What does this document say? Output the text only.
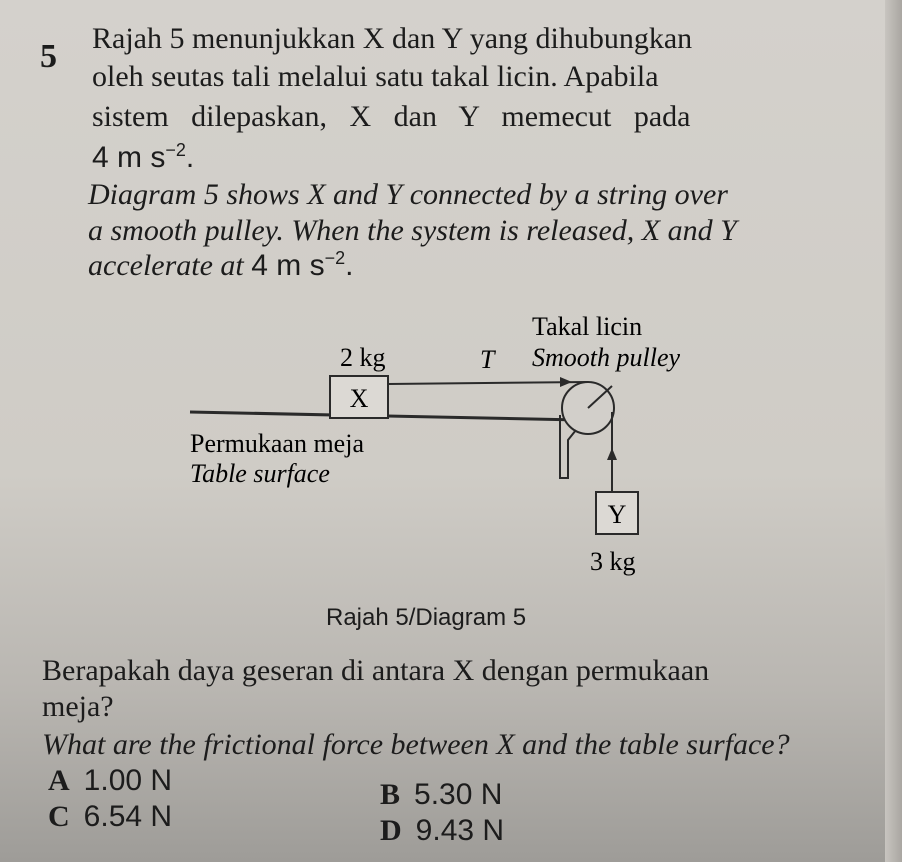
5 Rajah 5 menunjukkan X dan Y yang dihubungkan
oleh seutas tali melalui satu takal licin. Apabila
sistem   dilepaskan,   X   dan   Y   memecut   pada
4 m $s^{-2}$.
Diagram 5 shows X and Y connected by a string over
a smooth pulley. When the system is released, X and Y
accelerate at 4 m $s^{-2}$.
Takal licin
Smooth pulley
2 kg	T
X
Y
3 kg
Permukaan meja
Table surface
Rajah 5/Diagram 5
Berapakah daya geseran di antara X dengan permukaan
meja?
What are the frictional force between X and the table surface?
A 1.00 N	B 5.30 N
C 6.54 N	D 9.43 N
